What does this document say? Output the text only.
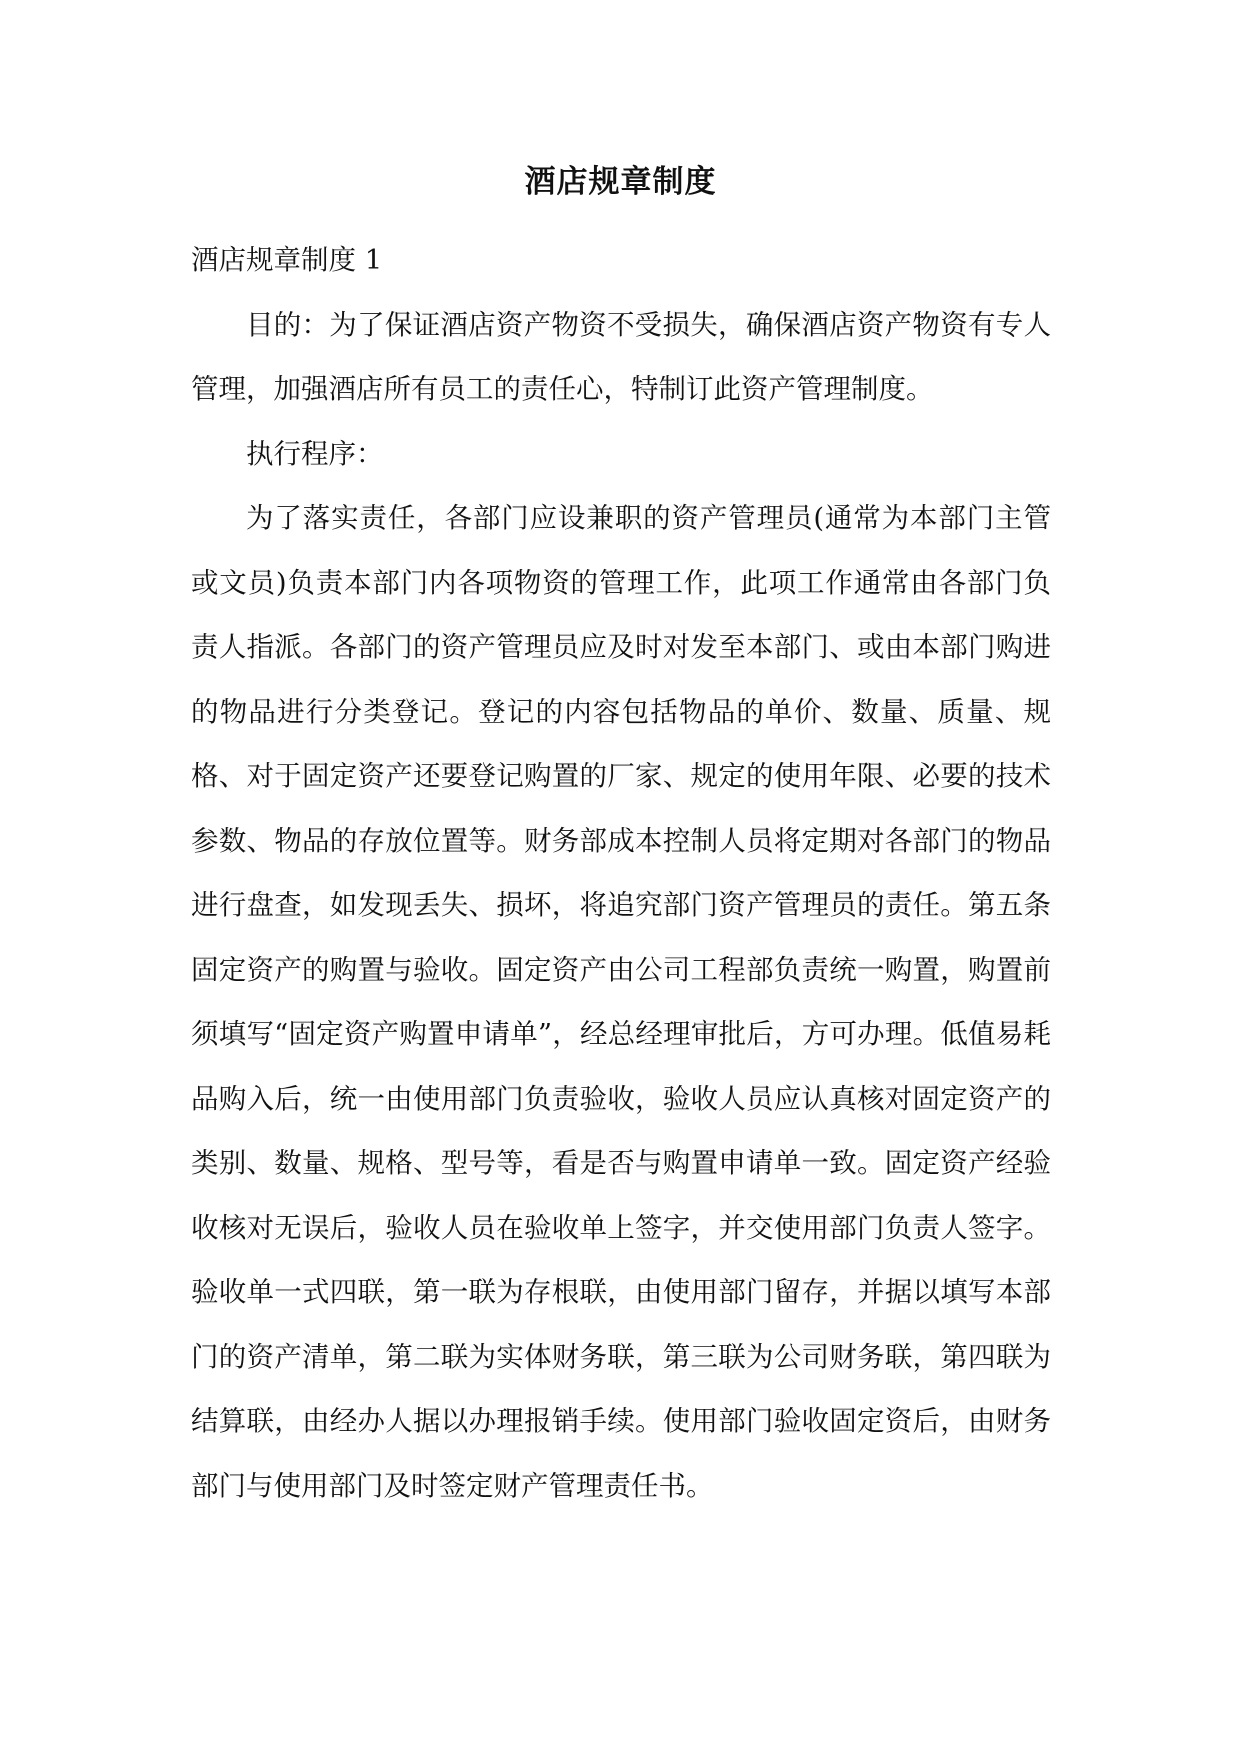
酒店规章制度

酒店规章制度 1

目的：为了保证酒店资产物资不受损失，确保酒店资产物资有专人管理，加强酒店所有员工的责任心，特制订此资产管理制度。

执行程序：

为了落实责任，各部门应设兼职的资产管理员(通常为本部门主管或文员)负责本部门内各项物资的管理工作，此项工作通常由各部门负责人指派。各部门的资产管理员应及时对发至本部门、或由本部门购进的物品进行分类登记。登记的内容包括物品的单价、数量、质量、规格、对于固定资产还要登记购置的厂家、规定的使用年限、必要的技术参数、物品的存放位置等。财务部成本控制人员将定期对各部门的物品进行盘查，如发现丢失、损坏，将追究部门资产管理员的责任。第五条固定资产的购置与验收。固定资产由公司工程部负责统一购置，购置前须填写“固定资产购置申请单”，经总经理审批后，方可办理。低值易耗品购入后，统一由使用部门负责验收，验收人员应认真核对固定资产的类别、数量、规格、型号等，看是否与购置申请单一致。固定资产经验收核对无误后，验收人员在验收单上签字，并交使用部门负责人签字。验收单一式四联，第一联为存根联，由使用部门留存，并据以填写本部门的资产清单，第二联为实体财务联，第三联为公司财务联，第四联为结算联，由经办人据以办理报销手续。使用部门验收固定资后，由财务部门与使用部门及时签定财产管理责任书。
